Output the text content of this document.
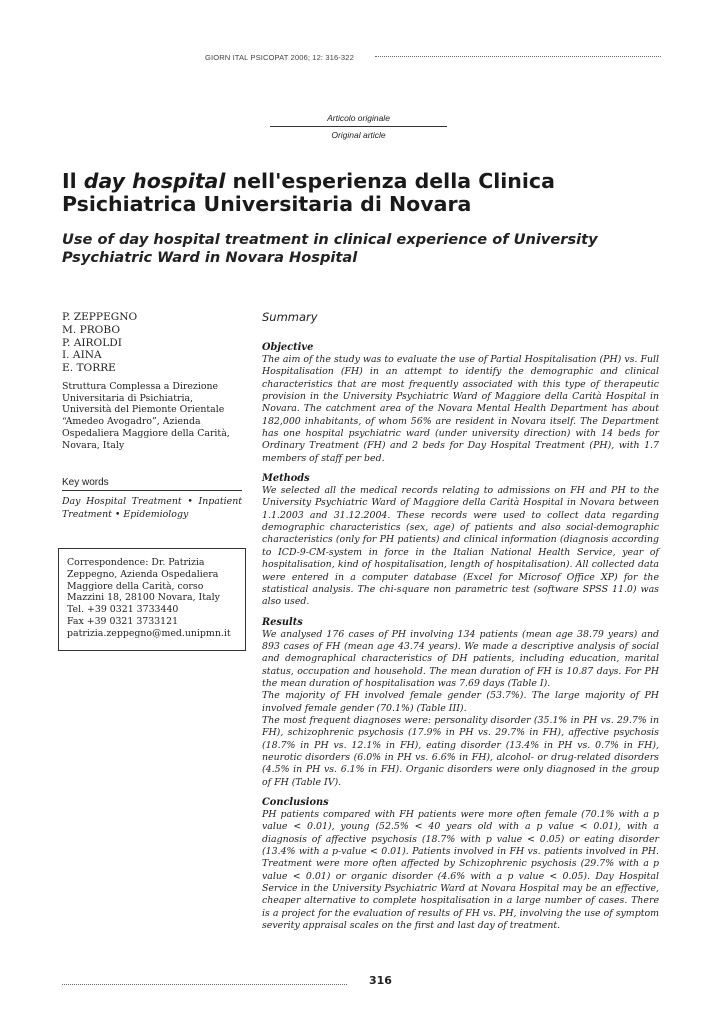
GIORN ITAL PSICOPAT 2006; 12: 316-322
Articolo originale
Original article
Il day hospital nell'esperienza della Clinica Psichiatrica Universitaria di Novara
Use of day hospital treatment in clinical experience of University Psychiatric Ward in Novara Hospital
P. ZEPPEGNO
M. PROBO
P. AIROLDI
I. AINA
E. TORRE
Struttura Complessa a Direzione Universitaria di Psichiatria, Università del Piemonte Orientale “Amedeo Avogadro”, Azienda Ospedaliera Maggiore della Carità, Novara, Italy
Key words
Day Hospital Treatment • Inpatient Treatment • Epidemiology
Correspondence: Dr. Patrizia
Zeppegno, Azienda Ospedaliera
Maggiore della Carità, corso
Mazzini 18, 28100 Novara, Italy
Tel. +39 0321 3733440
Fax +39 0321 3733121
patrizia.zeppegno@med.unipmn.it
Summary
Objective

The aim of the study was to evaluate the use of Partial Hospitalisation (PH) vs. Full Hospitalisation (FH) in an attempt to identify the demographic and clinical characteristics that are most frequently associated with this type of therapeutic provision in the University Psychiatric Ward of Maggiore della Carità Hospital in Novara. The catchment area of the Novara Mental Health Department has about 182,000 inhabitants, of whom 56% are resident in Novara itself. The Department has one hospital psychiatric ward (under university direction) with 14 beds for Ordinary Treatment (FH) and 2 beds for Day Hospital Treatment (PH), with 1.7 members of staff per bed.

Methods

We selected all the medical records relating to admissions on FH and PH to the University Psychiatric Ward of Maggiore della Carità Hospital in Novara between 1.1.2003 and 31.12.2004. These records were used to collect data regarding demographic characteristics (sex, age) of patients and also social-demographic characteristics (only for PH patients) and clinical information (diagnosis according to ICD-9-CM-system in force in the Italian National Health Service, year of hospitalisation, kind of hospitalisation, length of hospitalisation). All collected data were entered in a computer database (Excel for Microsof Office XP) for the statistical analysis. The chi-square non parametric test (software SPSS 11.0) was also used.

Results

We analysed 176 cases of PH involving 134 patients (mean age 38.79 years) and 893 cases of FH (mean age 43.74 years). We made a descriptive analysis of social and demographical characteristics of DH patients, including education, marital status, occupation and household. The mean duration of FH is 10.87 days. For PH the mean duration of hospitalisation was 7.69 days (Table I).

The majority of FH involved female gender (53.7%). The large majority of PH involved female gender (70.1%) (Table III).

The most frequent diagnoses were: personality disorder (35.1% in PH vs. 29.7% in FH), schizophrenic psychosis (17.9% in PH vs. 29.7% in FH), affective psychosis (18.7% in PH vs. 12.1% in FH), eating disorder (13.4% in PH vs. 0.7% in FH), neurotic disorders (6.0% in PH vs. 6.6% in FH), alcohol- or drug-related disorders (4.5% in PH vs. 6.1% in FH). Organic disorders were only diagnosed in the group of FH (Table IV).

Conclusions

PH patients compared with FH patients were more often female (70.1% with a p value < 0.01), young (52.5% < 40 years old with a p value < 0.01), with a diagnosis of affective psychosis (18.7% with p value < 0.05) or eating disorder (13.4% with a p-value < 0.01). Patients involved in FH vs. patients involved in PH. Treatment were more often affected by Schizophrenic psychosis (29.7% with a p value < 0.01) or organic disorder (4.6% with a p value < 0.05). Day Hospital Service in the University Psychiatric Ward at Novara Hospital may be an effective, cheaper alternative to complete hospitalisation in a large number of cases. There is a project for the evaluation of results of FH vs. PH, involving the use of symptom severity appraisal scales on the first and last day of treatment.

316
